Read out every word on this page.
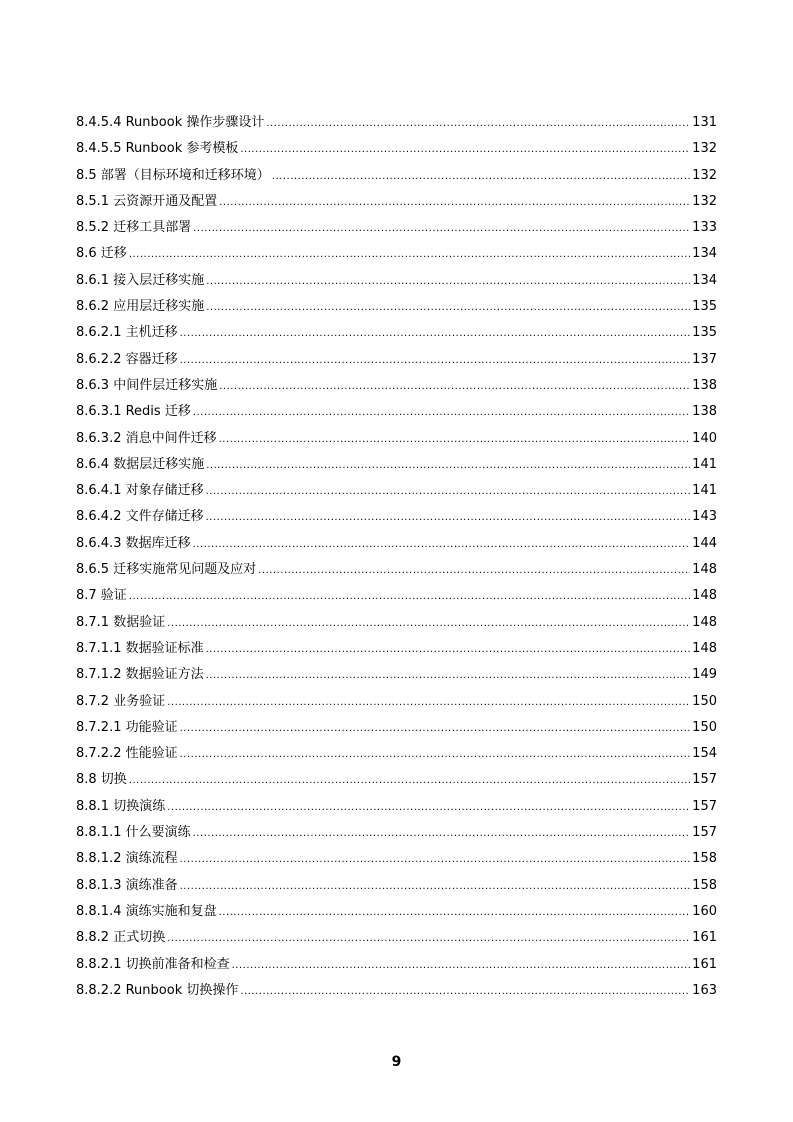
8.4.5.4 Runbook 操作步骤设计 .....	131
8.4.5.5 Runbook 参考模板 .....	132
8.5 部署（目标环境和迁移环境） .....	132
8.5.1 云资源开通及配置 .....	132
8.5.2 迁移工具部署 .....	133
8.6 迁移 .....	134
8.6.1 接入层迁移实施 .....	134
8.6.2 应用层迁移实施 .....	135
8.6.2.1 主机迁移 .....	135
8.6.2.2 容器迁移 .....	137
8.6.3 中间件层迁移实施 .....	138
8.6.3.1 Redis 迁移 .....	138
8.6.3.2 消息中间件迁移 .....	140
8.6.4 数据层迁移实施 .....	141
8.6.4.1 对象存储迁移 .....	141
8.6.4.2 文件存储迁移 .....	143
8.6.4.3 数据库迁移 .....	144
8.6.5 迁移实施常见问题及应对 .....	148
8.7 验证 .....	148
8.7.1 数据验证 .....	148
8.7.1.1 数据验证标准 .....	148
8.7.1.2 数据验证方法 .....	149
8.7.2 业务验证 .....	150
8.7.2.1 功能验证 .....	150
8.7.2.2 性能验证 .....	154
8.8 切换 .....	157
8.8.1 切换演练 .....	157
8.8.1.1 什么要演练 .....	157
8.8.1.2 演练流程 .....	158
8.8.1.3 演练准备 .....	158
8.8.1.4 演练实施和复盘 .....	160
8.8.2 正式切换 .....	161
8.8.2.1 切换前准备和检查 .....	161
8.8.2.2 Runbook 切换操作 .....	163
9
